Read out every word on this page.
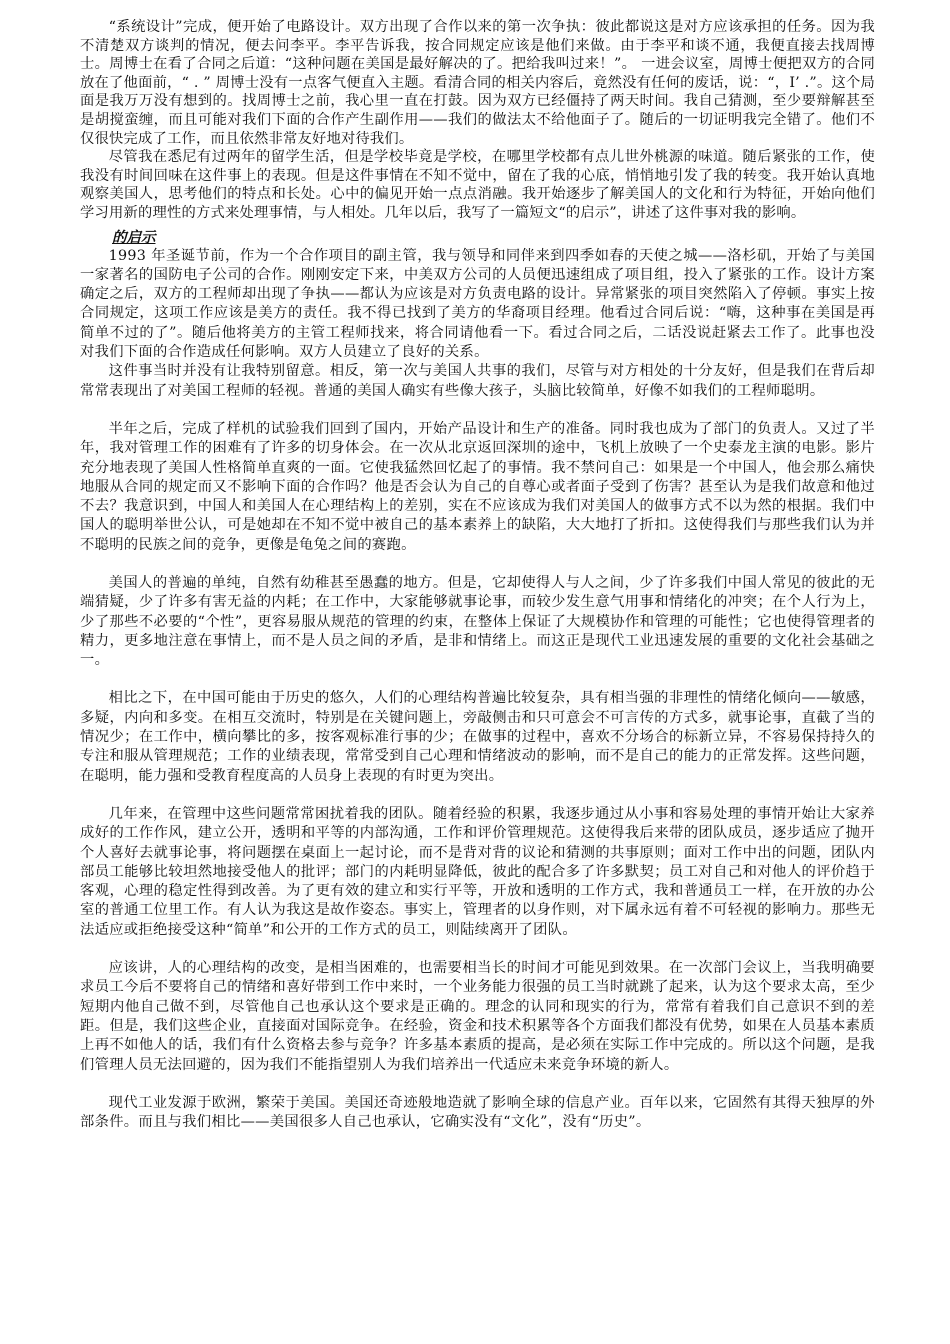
“系统设计”完成，便开始了电路设计。双方出现了合作以来的第一次争执：彼此都说这是对方应该承担的任务。因为我不清楚双方谈判的情况，便去问李平。李平告诉我，按合同规定应该是他们来做。由于李平和谈不通，我便直接去找周博士。周博士在看了合同之后道：“这种问题在美国是最好解决的了。把给我叫过来！”。 一进会议室，周博士便把双方的合同放在了他面前，“ . ” 周博士没有一点客气便直入主题。看清合同的相关内容后，竟然没有任何的废话，说：“，I’ .”。这个局面是我万万没有想到的。找周博士之前，我心里一直在打鼓。因为双方已经僵持了两天时间。我自己猜测，至少要辩解甚至是胡搅蛮缠，而且可能对我们下面的合作产生副作用——我们的做法太不给他面子了。随后的一切证明我完全错了。他们不仅很快完成了工作，而且依然非常友好地对待我们。

尽管我在悉尼有过两年的留学生活，但是学校毕竟是学校，在哪里学校都有点儿世外桃源的味道。随后紧张的工作，使我没有时间回味在这件事上的表现。但是这件事情在不知不觉中，留在了我的心底，悄悄地引发了我的转变。我开始认真地观察美国人，思考他们的特点和长处。心中的偏见开始一点点消融。我开始逐步了解美国人的文化和行为特征，开始向他们学习用新的理性的方式来处理事情，与人相处。几年以后，我写了一篇短文“的启示”，讲述了这件事对我的影响。

的启示

1993 年圣诞节前，作为一个合作项目的副主管，我与领导和同伴来到四季如春的天使之城——洛杉矶，开始了与美国一家著名的国防电子公司的合作。刚刚安定下来，中美双方公司的人员便迅速组成了项目组，投入了紧张的工作。设计方案确定之后，双方的工程师却出现了争执——都认为应该是对方负责电路的设计。异常紧张的项目突然陷入了停顿。事实上按合同规定，这项工作应该是美方的责任。我不得已找到了美方的华裔项目经理。他看过合同后说：“嗨，这种事在美国是再简单不过的了”。随后他将美方的主管工程师找来，将合同请他看一下。看过合同之后，二话没说赶紧去工作了。此事也没对我们下面的合作造成任何影响。双方人员建立了良好的关系。

这件事当时并没有让我特别留意。相反，第一次与美国人共事的我们，尽管与对方相处的十分友好，但是我们在背后却常常表现出了对美国工程师的轻视。普通的美国人确实有些像大孩子，头脑比较简单，好像不如我们的工程师聪明。

半年之后，完成了样机的试验我们回到了国内，开始产品设计和生产的准备。同时我也成为了部门的负责人。又过了半年，我对管理工作的困难有了许多的切身体会。在一次从北京返回深圳的途中，飞机上放映了一个史泰龙主演的电影。影片充分地表现了美国人性格简单直爽的一面。它使我猛然回忆起了的事情。我不禁问自己：如果是一个中国人，他会那么痛快地服从合同的规定而又不影响下面的合作吗？他是否会认为自己的自尊心或者面子受到了伤害？甚至认为是我们故意和他过不去？我意识到，中国人和美国人在心理结构上的差别，实在不应该成为我们对美国人的做事方式不以为然的根据。我们中国人的聪明举世公认，可是她却在不知不觉中被自己的基本素养上的缺陷，大大地打了折扣。这使得我们与那些我们认为并不聪明的民族之间的竞争，更像是龟兔之间的赛跑。

美国人的普遍的单纯，自然有幼稚甚至愚蠢的地方。但是，它却使得人与人之间，少了许多我们中国人常见的彼此的无端猜疑，少了许多有害无益的内耗；在工作中，大家能够就事论事，而较少发生意气用事和情绪化的冲突；在个人行为上，少了那些不必要的“个性”，更容易服从规范的管理的约束，在整体上保证了大规模协作和管理的可能性；它也使得管理者的精力，更多地注意在事情上，而不是人员之间的矛盾，是非和情绪上。而这正是现代工业迅速发展的重要的文化社会基础之一。

相比之下，在中国可能由于历史的悠久，人们的心理结构普遍比较复杂，具有相当强的非理性的情绪化倾向——敏感，多疑，内向和多变。在相互交流时，特别是在关键问题上，旁敲侧击和只可意会不可言传的方式多，就事论事，直截了当的情况少；在工作中，横向攀比的多，按客观标准行事的少；在做事的过程中，喜欢不分场合的标新立异，不容易保持持久的专注和服从管理规范；工作的业绩表现，常常受到自己心理和情绪波动的影响，而不是自己的能力的正常发挥。这些问题，在聪明，能力强和受教育程度高的人员身上表现的有时更为突出。

几年来，在管理中这些问题常常困扰着我的团队。随着经验的积累，我逐步通过从小事和容易处理的事情开始让大家养成好的工作作风，建立公开，透明和平等的内部沟通，工作和评价管理规范。这使得我后来带的团队成员，逐步适应了抛开个人喜好去就事论事，将问题摆在桌面上一起讨论，而不是背对背的议论和猜测的共事原则；面对工作中出的问题，团队内部员工能够比较坦然地接受他人的批评；部门的内耗明显降低，彼此的配合多了许多默契；员工对自己和对他人的评价趋于客观，心理的稳定性得到改善。为了更有效的建立和实行平等，开放和透明的工作方式，我和普通员工一样，在开放的办公室的普通工位里工作。有人认为我这是故作姿态。事实上，管理者的以身作则，对下属永远有着不可轻视的影响力。那些无法适应或拒绝接受这种“简单”和公开的工作方式的员工，则陆续离开了团队。

应该讲，人的心理结构的改变，是相当困难的，也需要相当长的时间才可能见到效果。在一次部门会议上，当我明确要求员工今后不要将自己的情绪和喜好带到工作中来时，一个业务能力很强的员工当时就跳了起来，认为这个要求太高，至少短期内他自己做不到，尽管他自己也承认这个要求是正确的。理念的认同和现实的行为，常常有着我们自己意识不到的差距。但是，我们这些企业，直接面对国际竞争。在经验，资金和技术积累等各个方面我们都没有优势，如果在人员基本素质上再不如他人的话，我们有什么资格去参与竞争？许多基本素质的提高，是必须在实际工作中完成的。所以这个问题，是我们管理人员无法回避的，因为我们不能指望别人为我们培养出一代适应未来竞争环境的新人。

现代工业发源于欧洲，繁荣于美国。美国还奇迹般地造就了影响全球的信息产业。百年以来，它固然有其得天独厚的外部条件。而且与我们相比——美国很多人自己也承认，它确实没有“文化”，没有“历史”。
